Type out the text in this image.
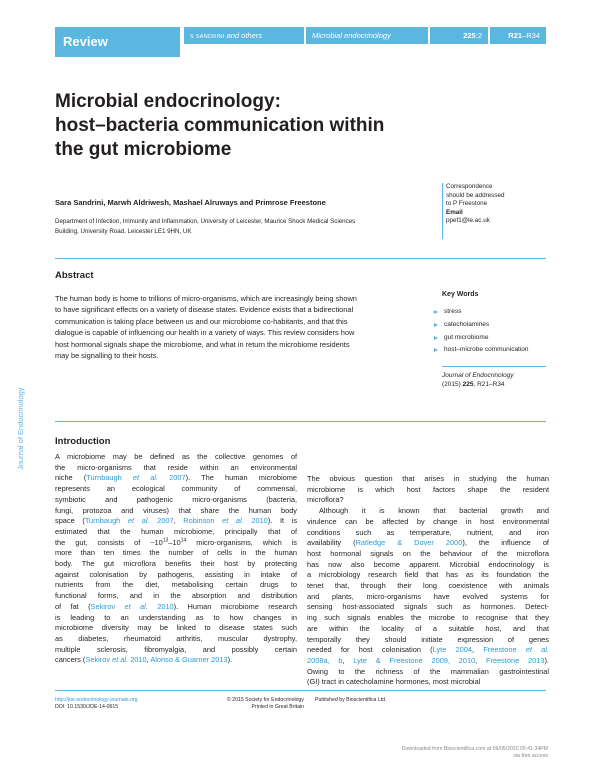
Review	S SANDRINI and others	Microbial endocrinology	225:2	R21–R34
Microbial endocrinology:
host–bacteria communication within
the gut microbiome
Sara Sandrini, Marwh Aldriwesh, Mashael Alruways and Primrose Freestone
Department of Infection, Immunity and Inflammation, University of Leicester, Maurice Shock Medical Sciences
Building, University Road, Leicester LE1 9HN, UK
Correspondence
should be addressed
to P Freestone
Email
ppef1@le.ac.uk
Abstract
The human body is home to trillions of micro-organisms, which are increasingly being shown
to have significant effects on a variety of disease states. Evidence exists that a bidirectional
communication is taking place between us and our microbiome co-habitants, and that this
dialogue is capable of influencing our health in a variety of ways. This review considers how
host hormonal signals shape the microbiome, and what in return the microbiome residents
may be signalling to their hosts.
Key Words
stress
catecholamines
gut microbiome
host–microbe communication
Journal of Endocrinology
(2015) 225, R21–R34
Journal of Endocrinology	Introduction
A microbiome may be defined as the collective genomes of
the micro-organisms that reside within an environmental
niche (Turnbaugh et al. 2007). The human microbiome
represents an ecological community of commensal,
symbiotic and pathogenic micro-organisms (bacteria,
fungi, protozoa and viruses) that share the human body
space (Turnbaugh et al. 2007, Robinson et al. 2010). It is
estimated that the human microbiome, principally that of
the gut, consists of $\sim 10^{13}-10^{14}$ micro-organisms, which is
more than ten times the number of cells in the human
body. The gut microflora benefits their host by protecting
against colonisation by pathogens, assisting in intake of
nutrients from the diet, metabolising certain drugs to
functional forms, and in the absorption and distribution
of fat (Sekirov et al. 2010). Human microbiome research
is leading to an understanding as to how changes in
microbiome diversity may be linked to disease states such
as diabetes, rheumatoid arthritis, muscular dystrophy,
multiple sclerosis, fibromyalgia, and possibly certain
cancers (Sekirov et al. 2010, Alonso & Guarner 2013).
The obvious question that arises in studying the human
microbiome is which host factors shape the resident
microflora?
Although it is known that bacterial growth and
virulence can be affected by change in host environmental
conditions such as temperature, nutrient, and iron
availability (Ratledge & Dover 2000), the influence of
host hormonal signals on the behaviour of the microflora
has now also become apparent. Microbial endocrinology is
a microbiology research field that has as its foundation the
tenet that, through their long coexistence with animals
and plants, micro-organisms have evolved systems for
sensing host-associated signals such as hormones. Detect-
ing such signals enables the microbe to recognise that they
are within the locality of a suitable host, and that
temporally they should initiate expression of genes
needed for host colonisation (Lyte 2004, Freestone et al.
2008a, b, Lyte & Freestone 2009, 2010, Freestone 2013).
Owing to the richness of the mammalian gastrointestinal
(GI) tract in catecholamine hormones, most microbial
http://joe.endocrinology-journals.org
DOI: 10.1530/JOE-14-0615
© 2015 Society for Endocrinology
Printed in Great Britain
Published by Bioscientifica Ltd.
Downloaded from Bioscientifica.com at 09/05/2020 05:41:34PM
via free access
